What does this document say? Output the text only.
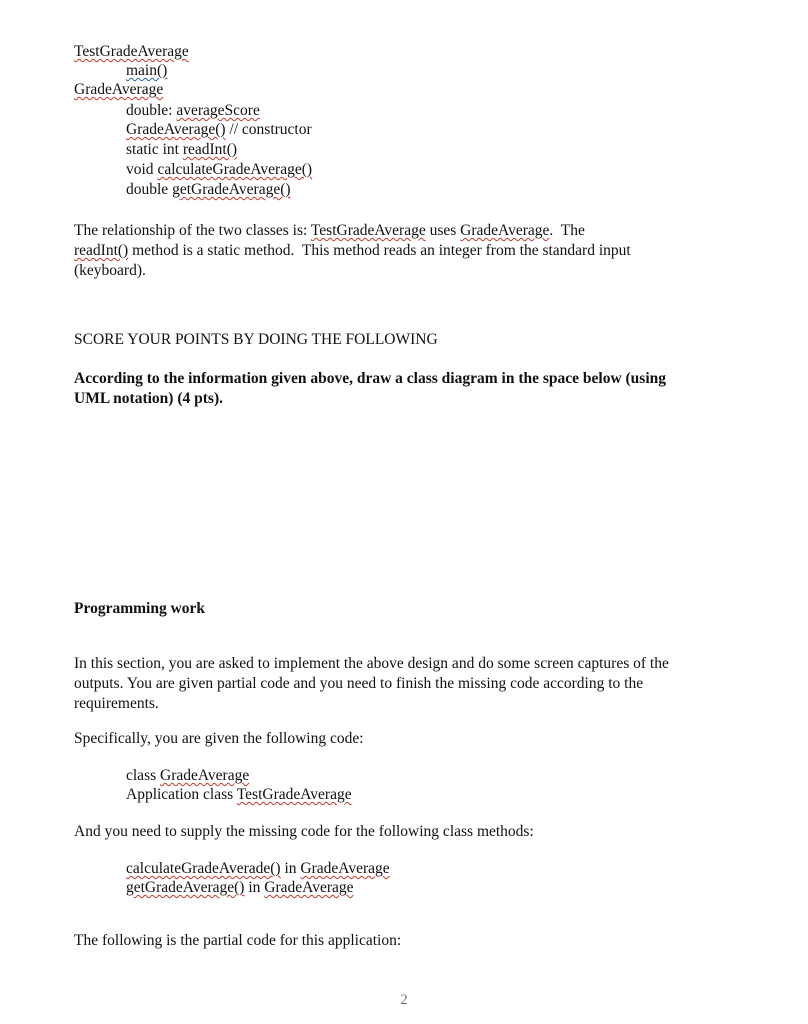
TestGradeAverage
main()
GradeAverage
double: averageScore
GradeAverage() // constructor
static int readInt()
void calculateGradeAverage()
double getGradeAverage()
The relationship of the two classes is: TestGradeAverage uses GradeAverage.  The
readInt() method is a static method.  This method reads an integer from the standard input
(keyboard).
SCORE YOUR POINTS BY DOING THE FOLLOWING
According to the information given above, draw a class diagram in the space below (using UML notation) (4 pts).
Programming work
In this section, you are asked to implement the above design and do some screen captures of the outputs. You are given partial code and you need to finish the missing code according to the requirements.
Specifically, you are given the following code:
class GradeAverage
Application class TestGradeAverage
And you need to supply the missing code for the following class methods:
calculateGradeAverade() in GradeAverage
getGradeAverage() in GradeAverage
The following is the partial code for this application:
2
